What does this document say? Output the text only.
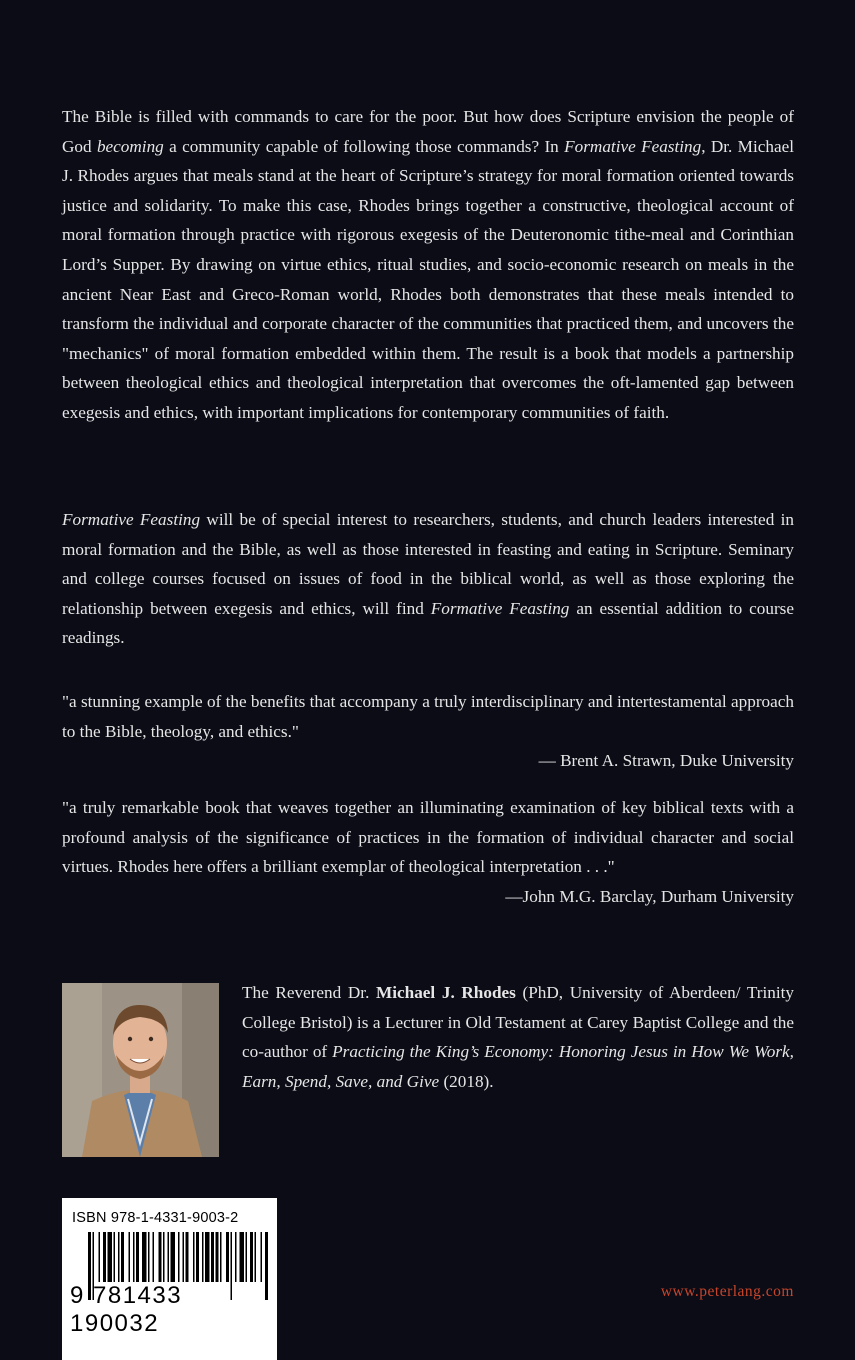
The Bible is filled with commands to care for the poor. But how does Scripture envision the people of God becoming a community capable of following those commands? In Formative Feasting, Dr. Michael J. Rhodes argues that meals stand at the heart of Scripture’s strategy for moral formation oriented towards justice and solidarity. To make this case, Rhodes brings together a constructive, theological account of moral formation through practice with rigorous exegesis of the Deuteronomic tithe-meal and Corinthian Lord’s Supper. By drawing on virtue ethics, ritual studies, and socio-economic research on meals in the ancient Near East and Greco-Roman world, Rhodes both demonstrates that these meals intended to transform the individual and corporate character of the communities that practiced them, and uncovers the "mechanics" of moral formation embedded within them. The result is a book that models a partnership between theological ethics and theological interpretation that overcomes the oft-lamented gap between exegesis and ethics, with important implications for contemporary communities of faith.

Formative Feasting will be of special interest to researchers, students, and church leaders interested in moral formation and the Bible, as well as those interested in feasting and eating in Scripture. Seminary and college courses focused on issues of food in the biblical world, as well as those exploring the relationship between exegesis and ethics, will find Formative Feasting an essential addition to course readings.

"a stunning example of the benefits that accompany a truly interdisciplinary and intertestamental approach to the Bible, theology, and ethics."

— Brent A. Strawn, Duke University

"a truly remarkable book that weaves together an illuminating examination of key biblical texts with a profound analysis of the significance of practices in the formation of individual character and social virtues. Rhodes here offers a brilliant exemplar of theological interpretation . . ."

—John M.G. Barclay, Durham University

The Reverend Dr. Michael J. Rhodes (PhD, University of Aberdeen/ Trinity College Bristol) is a Lecturer in Old Testament at Carey Baptist College and the co-author of Practicing the King’s Economy: Honoring Jesus in How We Work, Earn, Spend, Save, and Give (2018).

ISBN 978-1-4331-9003-2
9 781433 190032
www.peterlang.com
